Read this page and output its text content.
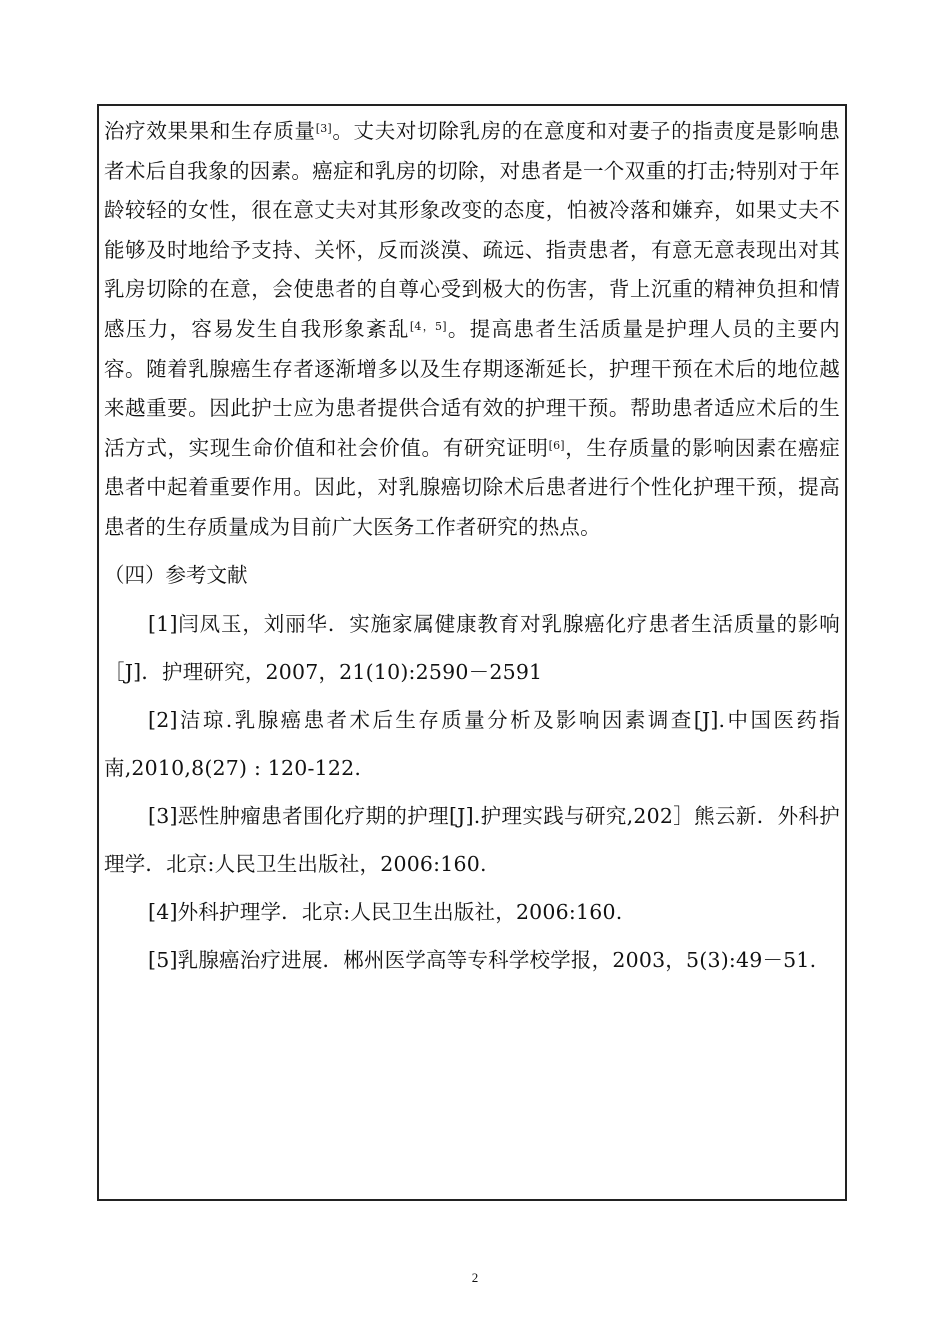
治疗效果果和生存质量[3]。丈夫对切除乳房的在意度和对妻子的指责度是影响患者术后自我象的因素。癌症和乳房的切除，对患者是一个双重的打击;特别对于年龄较轻的女性，很在意丈夫对其形象改变的态度，怕被冷落和嫌弃，如果丈夫不能够及时地给予支持、关怀，反而淡漠、疏远、指责患者，有意无意表现出对其乳房切除的在意，会使患者的自尊心受到极大的伤害，背上沉重的精神负担和情感压力，容易发生自我形象紊乱[4，5]。提高患者生活质量是护理人员的主要内容。随着乳腺癌生存者逐渐增多以及生存期逐渐延长，护理干预在术后的地位越来越重要。因此护士应为患者提供合适有效的护理干预。帮助患者适应术后的生活方式，实现生命价值和社会价值。有研究证明[6]，生存质量的影响因素在癌症患者中起着重要作用。因此，对乳腺癌切除术后患者进行个性化护理干预，提高患者的生存质量成为目前广大医务工作者研究的热点。

（四）参考文献

[1]闫凤玉，刘丽华．实施家属健康教育对乳腺癌化疗患者生活质量的影响［J]．护理研究，2007，21(10):2590－2591

[2]洁琼.乳腺癌患者术后生存质量分析及影响因素调查[J].中国医药指南,2010,8(27) : 120-122.

[3]恶性肿瘤患者围化疗期的护理[J].护理实践与研究,202］熊云新．外科护理学．北京:人民卫生出版社，2006:160.

[4]外科护理学．北京:人民卫生出版社，2006:160.

[5]乳腺癌治疗进展．郴州医学高等专科学校学报，2003，5(3):49－51.

2
